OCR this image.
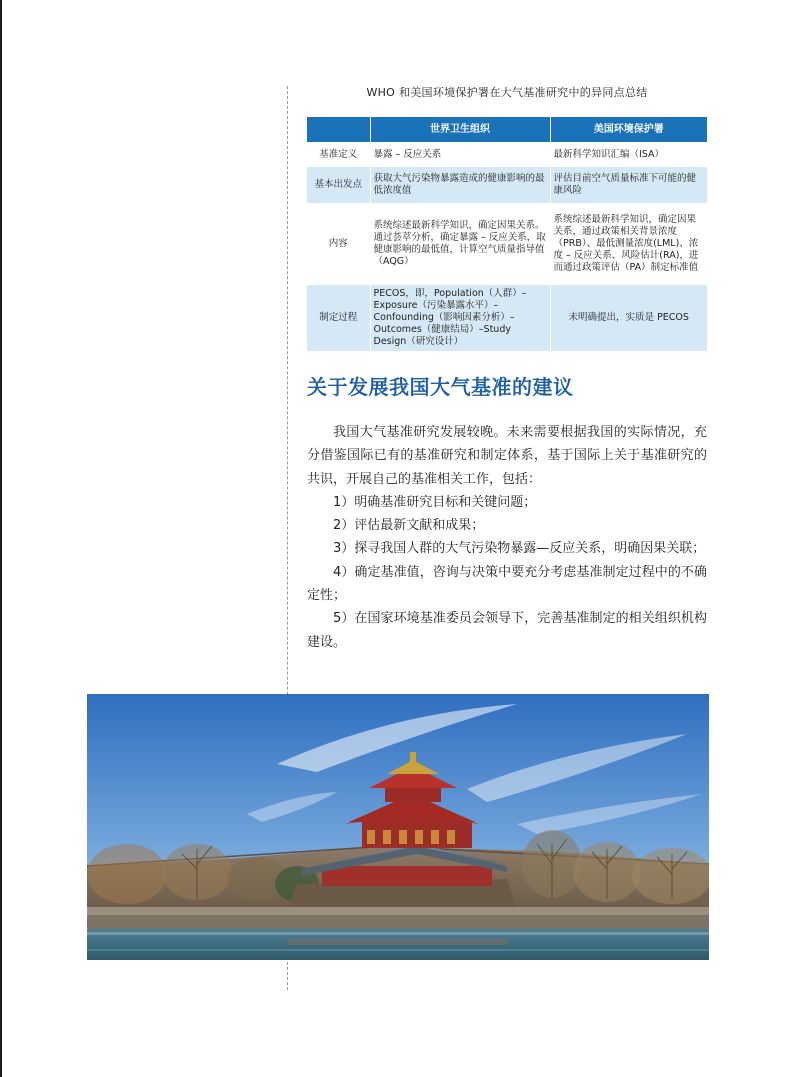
WHO 和美国环境保护署在大气基准研究中的异同点总结
	世界卫生组织	美国环境保护署
基准定义	暴露 – 反应关系	最新科学知识汇编（ISA）
基本出发点	获取大气污染物暴露造成的健康影响的最低浓度值	评估目前空气质量标准下可能的健康风险
内容	系统综述最新科学知识，确定因果关系。通过荟萃分析，确定暴露 – 反应关系，取健康影响的最低值，计算空气质量指导值（AQG）	系统综述最新科学知识，确定因果关系，通过政策相关背景浓度（PRB）、最低测量浓度(LML)、浓度 – 反应关系、风险估计(RA)，进而通过政策评估（PA）制定标准值
制定过程	PECOS，即，Population（人群）–Exposure（污染暴露水平）–Confounding（影响因素分析）–Outcomes（健康结局）–Study Design（研究设计）	未明确提出，实质是 PECOS
关于发展我国大气基准的建议

我国大气基准研究发展较晚。未来需要根据我国的实际情况，充分借鉴国际已有的基准研究和制定体系，基于国际上关于基准研究的共识，开展自己的基准相关工作，包括：

1）明确基准研究目标和关键问题；

2）评估最新文献和成果；

3）探寻我国人群的大气污染物暴露—反应关系，明确因果关联；

4）确定基准值，咨询与决策中要充分考虑基准制定过程中的不确定性；

5）在国家环境基准委员会领导下，完善基准制定的相关组织机构建设。
